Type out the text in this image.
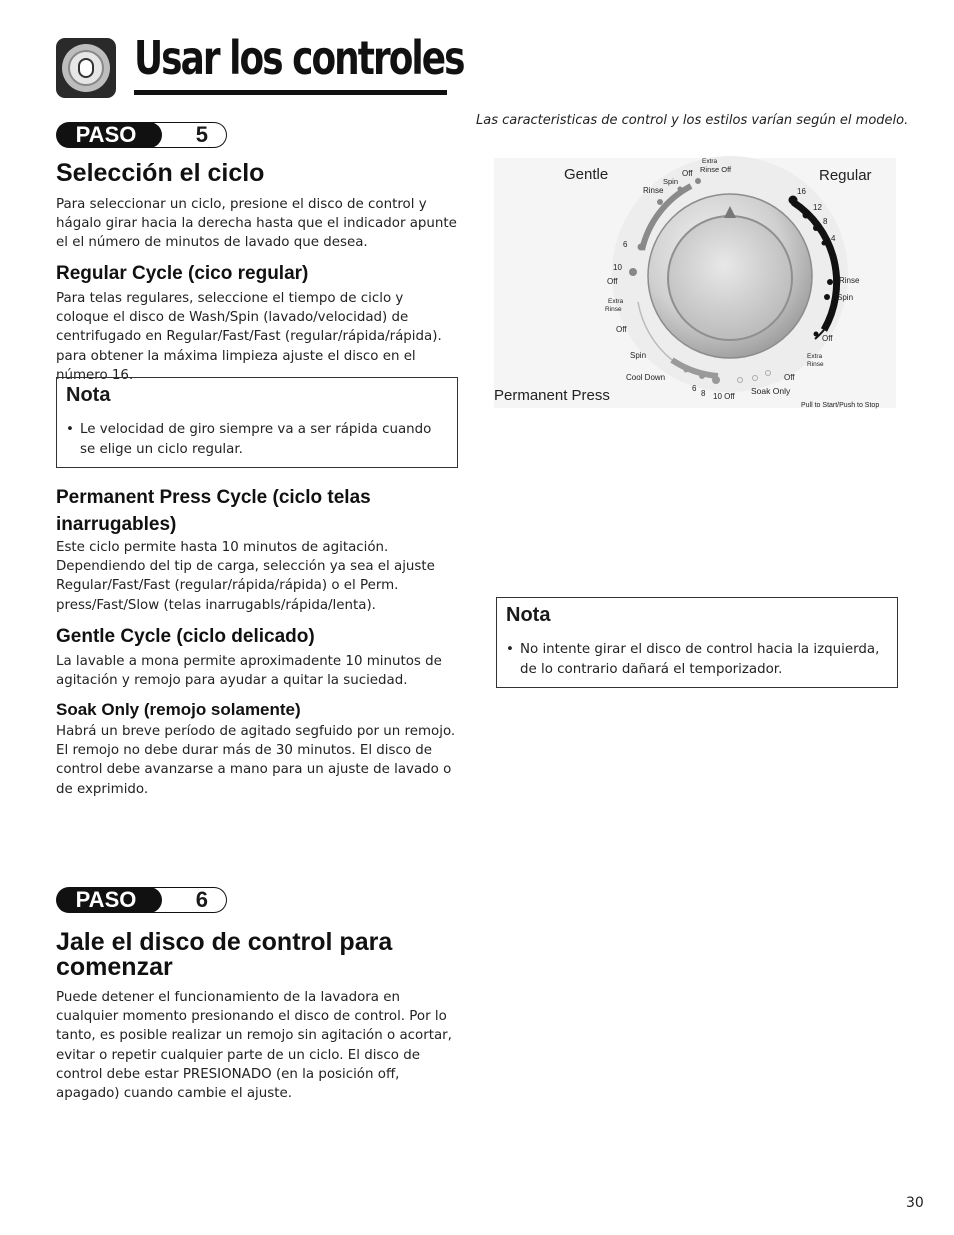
Usar los controles
Las caracteristicas de control y los estilos varían según el modelo.
5
PASO
Selección el ciclo

Para seleccionar un ciclo, presione el disco de control y hágalo girar hacia la derecha hasta que el indicador apunte el el número de minutos de lavado que desea.

Regular Cycle (cico regular)

Para telas regulares, seleccione el tiempo de ciclo y coloque el disco de Wash/Spin (lavado/velocidad) de centrifugado en Regular/Fast/Fast (regular/rápida/rápida). para obtener la máxima limpieza ajuste el disco en el número 16.

Nota
• Le velocidad de giro siempre va a ser rápida cuando se elige un ciclo regular.
Permanent Press Cycle (ciclo telas inarrugables)

Este ciclo permite hasta 10 minutos de agitación. Dependiendo del tip de carga, selección ya sea el ajuste Regular/Fast/Fast (regular/rápida/rápida) o el Perm. press/Fast/Slow (telas inarrugabls/rápida/lenta).

Gentle Cycle (ciclo delicado)

La lavable a mona permite aproximadente 10 minutos de agitación y remojo para ayudar a quitar la suciedad.

Soak Only (remojo solamente)

Habrá un breve período de agitado segfuido por un remojo. El remojo no debe durar más de 30 minutos. El disco de control debe avanzarse a mano para un ajuste de lavado o de exprimido.

Nota
• No intente girar el disco de control hacia la izquierda, de lo contrario dañará el temporizador.
6
PASO
Jale el disco de control para comenzar

Puede detener el funcionamiento de la lavadora en cualquier momento presionando el disco de control. Por lo tanto, es posible realizar un remojo sin agitación o acortar, evitar o repetir cualquier parte de un ciclo. El disco de control debe estar PRESIONADO (en la posición off, apagado) cuando cambie el ajuste.

Gentle	Regular
Permanent Press
Pull to Start/Push to Stop
Extra
Rinse Off
Off
Spin
Rinse	16
12
8
4
Rinse
Spin
Off
Extra
Rinse
Off
Soak Only
10 Off
8
6
Cool Down
Spin
Off
Extra
Rinse
Off
10
6
30
